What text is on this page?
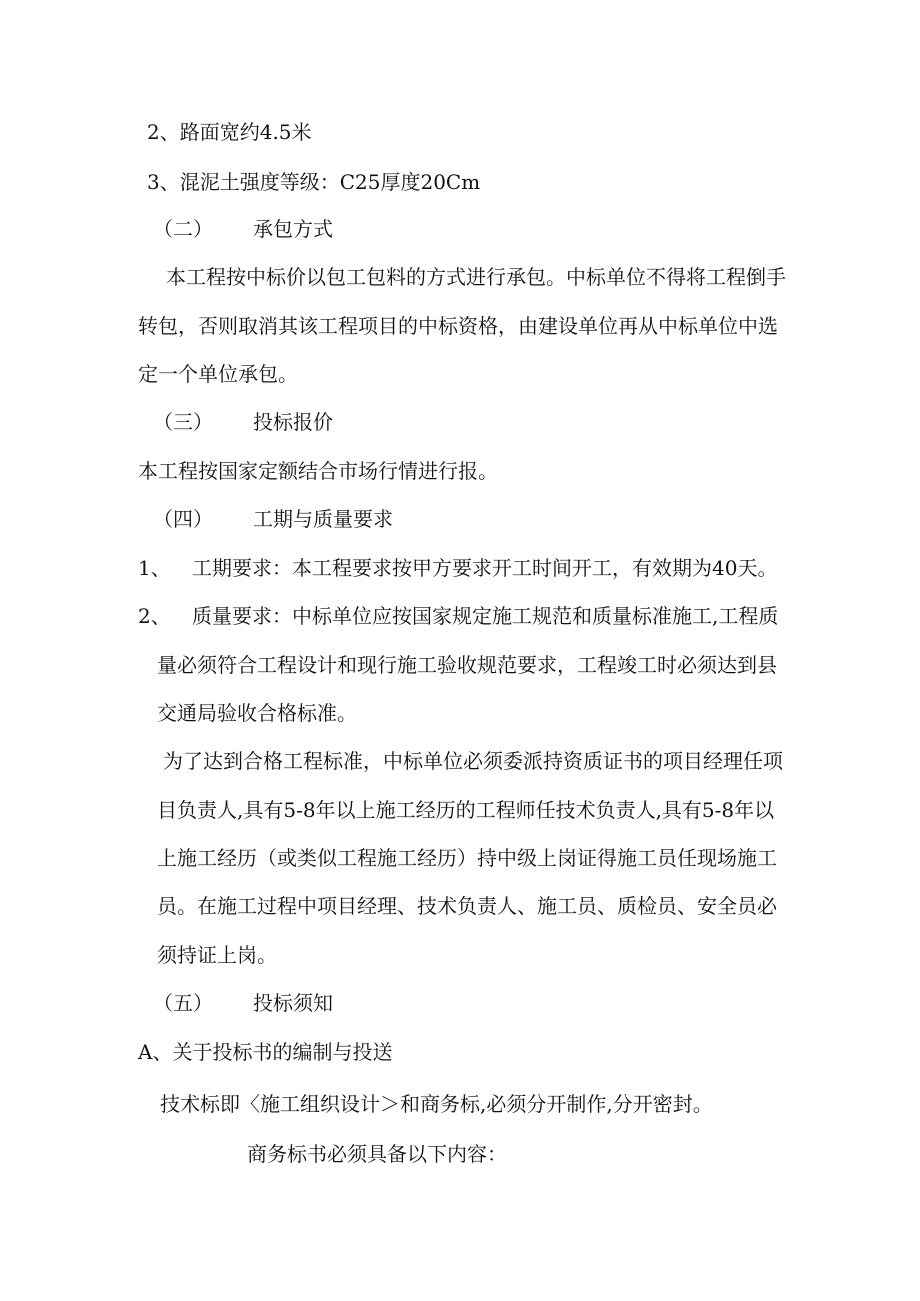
2、路面宽约4.5米
3、混泥土强度等级：C25厚度20Cm
（二） 承包方式
本工程按中标价以包工包料的方式进行承包。中标单位不得将工程倒手
转包，否则取消其该工程项目的中标资格，由建设单位再从中标单位中选
定一个单位承包。
（三） 投标报价
本工程按国家定额结合市场行情进行报。
（四） 工期与质量要求
1、 工期要求：本工程要求按甲方要求开工时间开工，有效期为40天。
2、 质量要求：中标单位应按国家规定施工规范和质量标准施工,工程质
量必须符合工程设计和现行施工验收规范要求，工程竣工时必须达到县
交通局验收合格标准。
为了达到合格工程标准，中标单位必须委派持资质证书的项目经理任项
目负责人,具有5-8年以上施工经历的工程师任技术负责人,具有5-8年以
上施工经历（或类似工程施工经历）持中级上岗证得施工员任现场施工
员。在施工过程中项目经理、技术负责人、施工员、质检员、安全员必
须持证上岗。
（五） 投标须知
A、关于投标书的编制与投送
技术标即〈施工组织设计＞和商务标,必须分开制作,分开密封。
商务标书必须具备以下内容：
